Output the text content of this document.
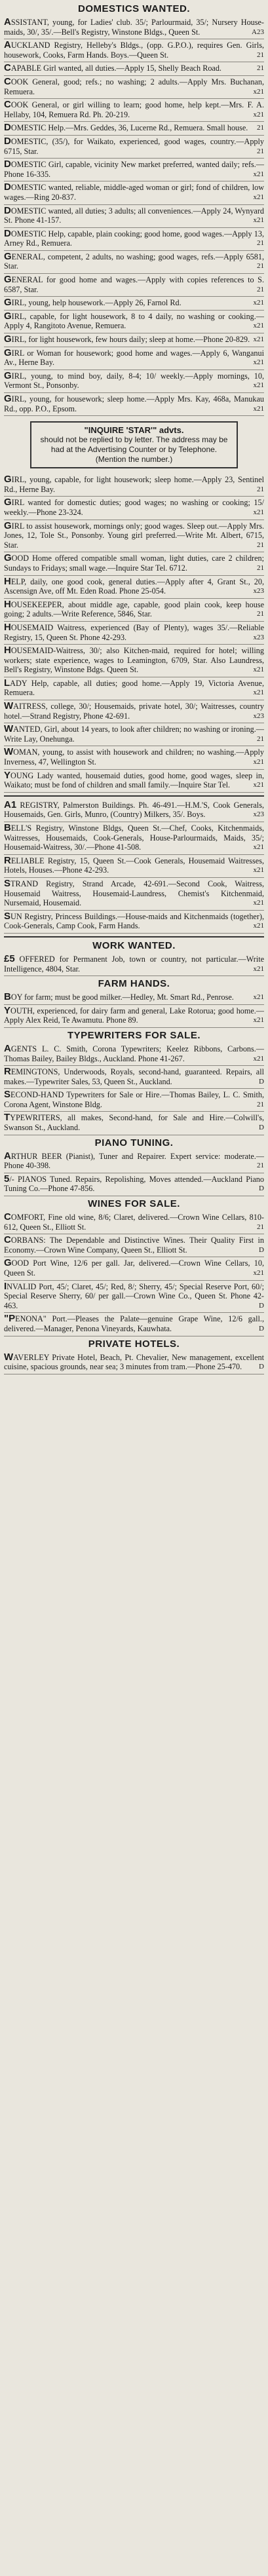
DOMESTICS WANTED.
ASSISTANT, young, for Ladies' club. 35/; Parlourmaid, 35/; Nursery House-maids, 30/, 35/.—Bell's Registry, Winstone Bldgs., Queen St.	A23
AUCKLAND Registry, Helleby's Bldgs., (opp. G.P.O.), requires Gen. Girls, housework, Cooks, Farm Hands. Boys.—Queen St.	21
CAPABLE Girl wanted, all duties.—Apply 15, Shelly Beach Road.	21
COOK General, good; refs.; no washing; 2 adults.—Apply Mrs. Buchanan, Remuera.	x21
COOK General, or girl willing to learn; good home, help kept.—Mrs. F. A. Hellaby, 104, Remuera Rd. Ph. 20-219.	x21
DOMESTIC Help.—Mrs. Geddes, 36, Lucerne Rd., Remuera. Small house.	21
DOMESTIC, (35/), for Waikato, experienced, good wages, country.—Apply 6715, Star.	21
DOMESTIC Girl, capable, vicinity New market preferred, wanted daily; refs.—Phone 16-335.	x21
DOMESTIC wanted, reliable, middle-aged woman or girl; fond of children, low wages.—Ring 20-837.	x21
DOMESTIC wanted, all duties; 3 adults; all conveniences.—Apply 24, Wynyard St. Phone 41-157.	x21
DOMESTIC Help, capable, plain cooking; good home, good wages.—Apply 13, Arney Rd., Remuera.	21
GENERAL, competent, 2 adults, no washing; good wages, refs.—Apply 6581, Star.	21
GENERAL for good home and wages.—Apply with copies references to S. 6587, Star.	21
GIRL, young, help housework.—Apply 26, Farnol Rd.	x21
GIRL, capable, for light housework, 8 to 4 daily, no washing or cooking.—Apply 4, Rangitoto Avenue, Remuera.	x21
GIRL, for light housework, few hours daily; sleep at home.—Phone 20-829. x21
GIRL or Woman for housework; good home and wages.—Apply 6, Wanganui Av., Herne Bay.	x21
GIRL, young, to mind boy, daily, 8-4; 10/ weekly.—Apply mornings, 10, Vermont St., Ponsonby.	x21
GIRL, young, for housework; sleep home.—Apply Mrs. Kay, 468a, Manukau Rd., opp. P.O., Epsom.	x21
"INQUIRE 'STAR'" advts.
should not be replied to by letter. The address may be had at the Advertising Counter or by Telephone. (Mention the number.)
GIRL, young, capable, for light housework; sleep home.—Apply 23, Sentinel Rd., Herne Bay.	21
GIRL wanted for domestic duties; good wages; no washing or cooking; 15/ weekly.—Phone 23-324.	x21
GIRL to assist housework, mornings only; good wages. Sleep out.—Apply Mrs. Jones, 12, Tole St., Ponsonby. Young girl preferred.—Write Mt. Albert, 6715, Star.	21
GOOD Home offered compatible small woman, light duties, care 2 children; Sundays to Fridays; small wage.—Inquire Star Tel. 6712.	21
HELP, daily, one good cook, general duties.—Apply after 4, Grant St., 20, Ascensign Ave, off Mt. Eden Road. Phone 25-054.	x23
HOUSEKEEPER, about middle age, capable, good plain cook, keep house going; 2 adults.—Write Reference, 5846, Star.	21
HOUSEMAID Waitress, experienced (Bay of Plenty), wages 35/.—Reliable Registry, 15, Queen St. Phone 42-293.	x23
HOUSEMAID-Waitress, 30/; also Kitchen-maid, required for hotel; willing workers; state experience, wages to Leamington, 6709, Star. Also Laundress, Bell's Registry, Winstone Bdgs. Queen St.	x21
LADY Help, capable, all duties; good home.—Apply 19, Victoria Avenue, Remuera.	x21
WAITRESS, college, 30/; Housemaids, private hotel, 30/; Waitresses, country hotel.—Strand Registry, Phone 42-691.	x23
WANTED, Girl, about 14 years, to look after children; no washing or ironing.—Write Lay, Onehunga.	21
WOMAN, young, to assist with housework and children; no washing.—Apply Inverness, 47, Wellington St.	x21
YOUNG Lady wanted, housemaid duties, good home, good wages, sleep in, Waikato; must be fond of children and small family.—Inquire Star Tel.	x21
A1 REGISTRY, Palmerston Buildings. Ph. 46-491.—H.M.'S, Cook Generals, Housemaids, Gen. Girls, Munro, (Country) Milkers, 35/. Boys.	x23
BELL'S Registry, Winstone Bldgs, Queen St.—Chef, Cooks, Kitchenmaids, Waitresses, Housemaids, Cook-Generals, House-Parlourmaids, Maids, 35/; Housemaid-Waitress, 30/.—Phone 41-508.	x21
RELIABLE Registry, 15, Queen St.—Cook Generals, Housemaid Waitresses, Hotels, Houses.—Phone 42-293.	x21
STRAND Registry, Strand Arcade, 42-691.—Second Cook, Waitress, Housemaid Waitress, Housemaid-Laundress, Chemist's Kitchenmaid, Nursemaid, Housemaid.	x21
SUN Registry, Princess Buildings.—House-maids and Kitchenmaids (together), Cook-Generals, Camp Cook, Farm Hands.	x21
WORK WANTED.
£5 OFFERED for Permanent Job, town or country, not particular.—Write Intelligence, 4804, Star.	x21
FARM HANDS.
BOY for farm; must be good milker.—Hedley, Mt. Smart Rd., Penrose.	x21
YOUTH, experienced, for dairy farm and general, Lake Rotorua; good home.—Apply Alex Reid, Te Awamutu. Phone 89.	x21
TYPEWRITERS FOR SALE.
AGENTS L. C. Smith, Corona Typewriters; Keelez Ribbons, Carbons.—Thomas Bailey, Bailey Bldgs., Auckland. Phone 41-267.	x21
REMINGTONS, Underwoods, Royals, second-hand, guaranteed. Repairs, all makes.—Typewriter Sales, 53, Queen St., Auckland.	D
SECOND-HAND Typewriters for Sale or Hire.—Thomas Bailey, L. C. Smith, Corona Agent, Winstone Bldg.	21
TYPEWRITERS, all makes, Second-hand, for Sale and Hire.—Colwill's, Swanson St., Auckland.	D
PIANO TUNING.
ARTHUR BEER (Pianist), Tuner and Repairer. Expert service: moderate.—Phone 40-398.	21
5/- PIANOS Tuned. Repairs, Repolishing, Moves attended.—Auckland Piano Tuning Co.—Phone 47-856.	D
WINES FOR SALE.
COMFORT, Fine old wine, 8/6; Claret, delivered.—Crown Wine Cellars, 810-612, Queen St., Elliott St.	21
CORBANS: The Dependable and Distinctive Wines. Their Quality First in Economy.—Crown Wine Company, Queen St., Elliott St.	D
GOOD Port Wine, 12/6 per gall. Jar, delivered.—Crown Wine Cellars, 10, Queen St.	x21
INVALID Port, 45/; Claret, 45/; Red, 8/; Sherry, 45/; Special Reserve Port, 60/; Special Reserve Sherry, 60/ per gall.—Crown Wine Co., Queen St. Phone 42-463.	D
"PENONA" Port.—Pleases the Palate—genuine Grape Wine, 12/6 gall., delivered.—Manager, Penona Vineyards, Kauwhata.	D
PRIVATE HOTELS.
WAVERLEY Private Hotel, Beach, Pt. Chevalier, New management, excellent cuisine, spacious grounds, near sea; 3 minutes from tram.—Phone 25-470.	D
